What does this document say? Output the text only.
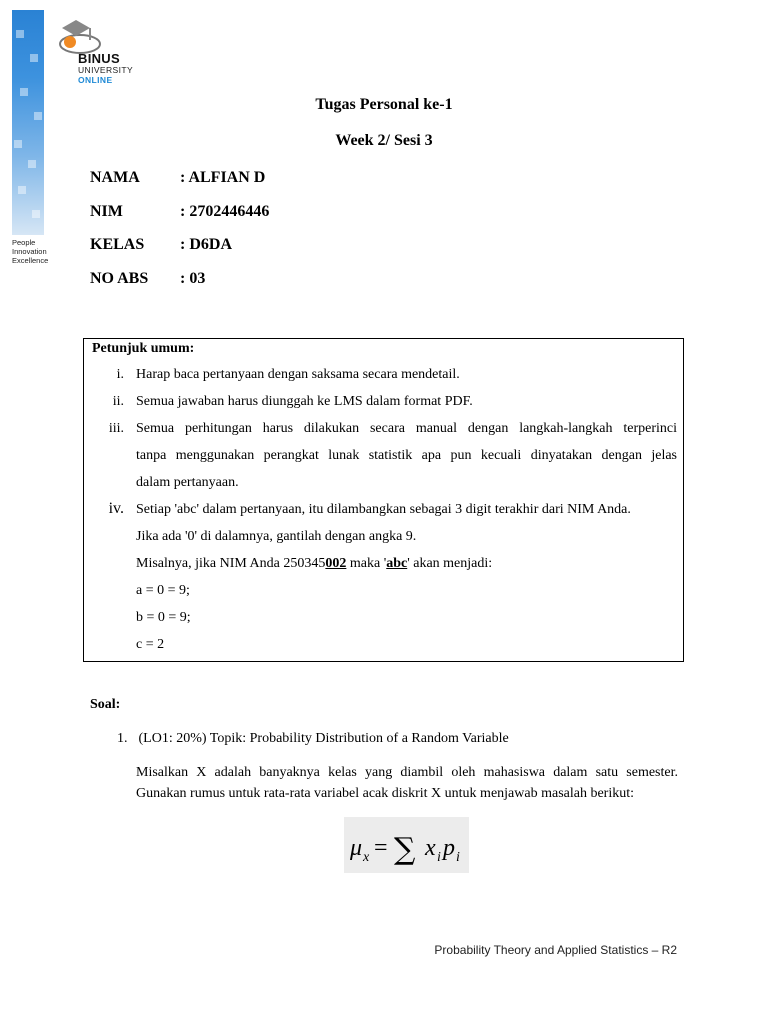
People
Innovation
Excellence
BINUS
UNIVERSITY
ONLINE
Tugas Personal ke-1
Week 2/ Sesi 3
NAMA	: ALFIAN D
NIM	: 2702446446
KELAS : D6DA
NO ABS : 03
Petunjuk umum:
i. Harap baca pertanyaan dengan saksama secara mendetail.
ii. Semua jawaban harus diunggah ke LMS dalam format PDF.
iii. Semua perhitungan harus dilakukan secara manual dengan langkah-langkah terperinci
tanpa menggunakan perangkat lunak statistik apa pun kecuali dinyatakan dengan jelas
dalam pertanyaan.
iv. Setiap 'abc' dalam pertanyaan, itu dilambangkan sebagai 3 digit terakhir dari NIM Anda.
Jika ada '0' di dalamnya, gantilah dengan angka 9.
Misalnya, jika NIM Anda 250345002 maka 'abc' akan menjadi:
a = 0 = 9;
b = 0 = 9;
c = 2
Soal:
1. (LO1: 20%) Topik: Probability Distribution of a Random Variable
Misalkan X adalah banyaknya kelas yang diambil oleh mahasiswa dalam satu semester.
Gunakan rumus untuk rata-rata variabel acak diskrit X untuk menjawab masalah berikut:
μ x = ∑ x i p i
Probability Theory and Applied Statistics – R2
